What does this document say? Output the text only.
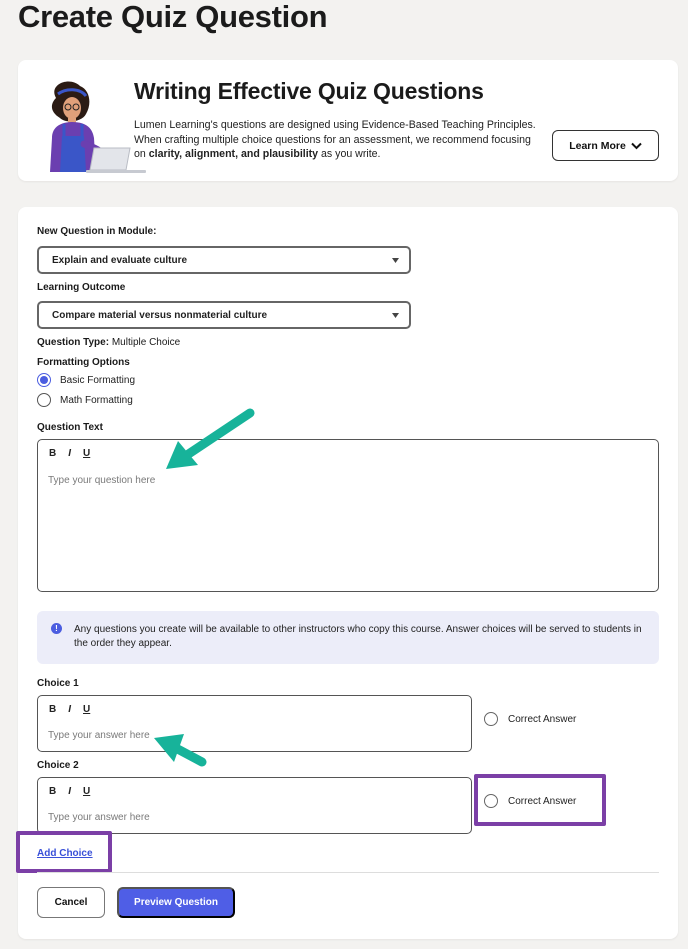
Create Quiz Question
Writing Effective Quiz Questions
Lumen Learning's questions are designed using Evidence-Based Teaching Principles. When crafting multiple choice questions for an assessment, we recommend focusing on clarity, alignment, and plausibility as you write.
Learn More
New Question in Module:
Explain and evaluate culture
Learning Outcome
Compare material versus nonmaterial culture
Question Type: Multiple Choice
Formatting Options
Basic Formatting
Math Formatting
Question Text
B I U
Type your question here
!	Any questions you create will be available to other instructors who copy this course. Answer choices will be served to students in the order they appear.
Choice 1
B I U
Type your answer here
Correct Answer
Choice 2
B I U
Type your answer here
Correct Answer
Add Choice
Cancel	Preview Question
